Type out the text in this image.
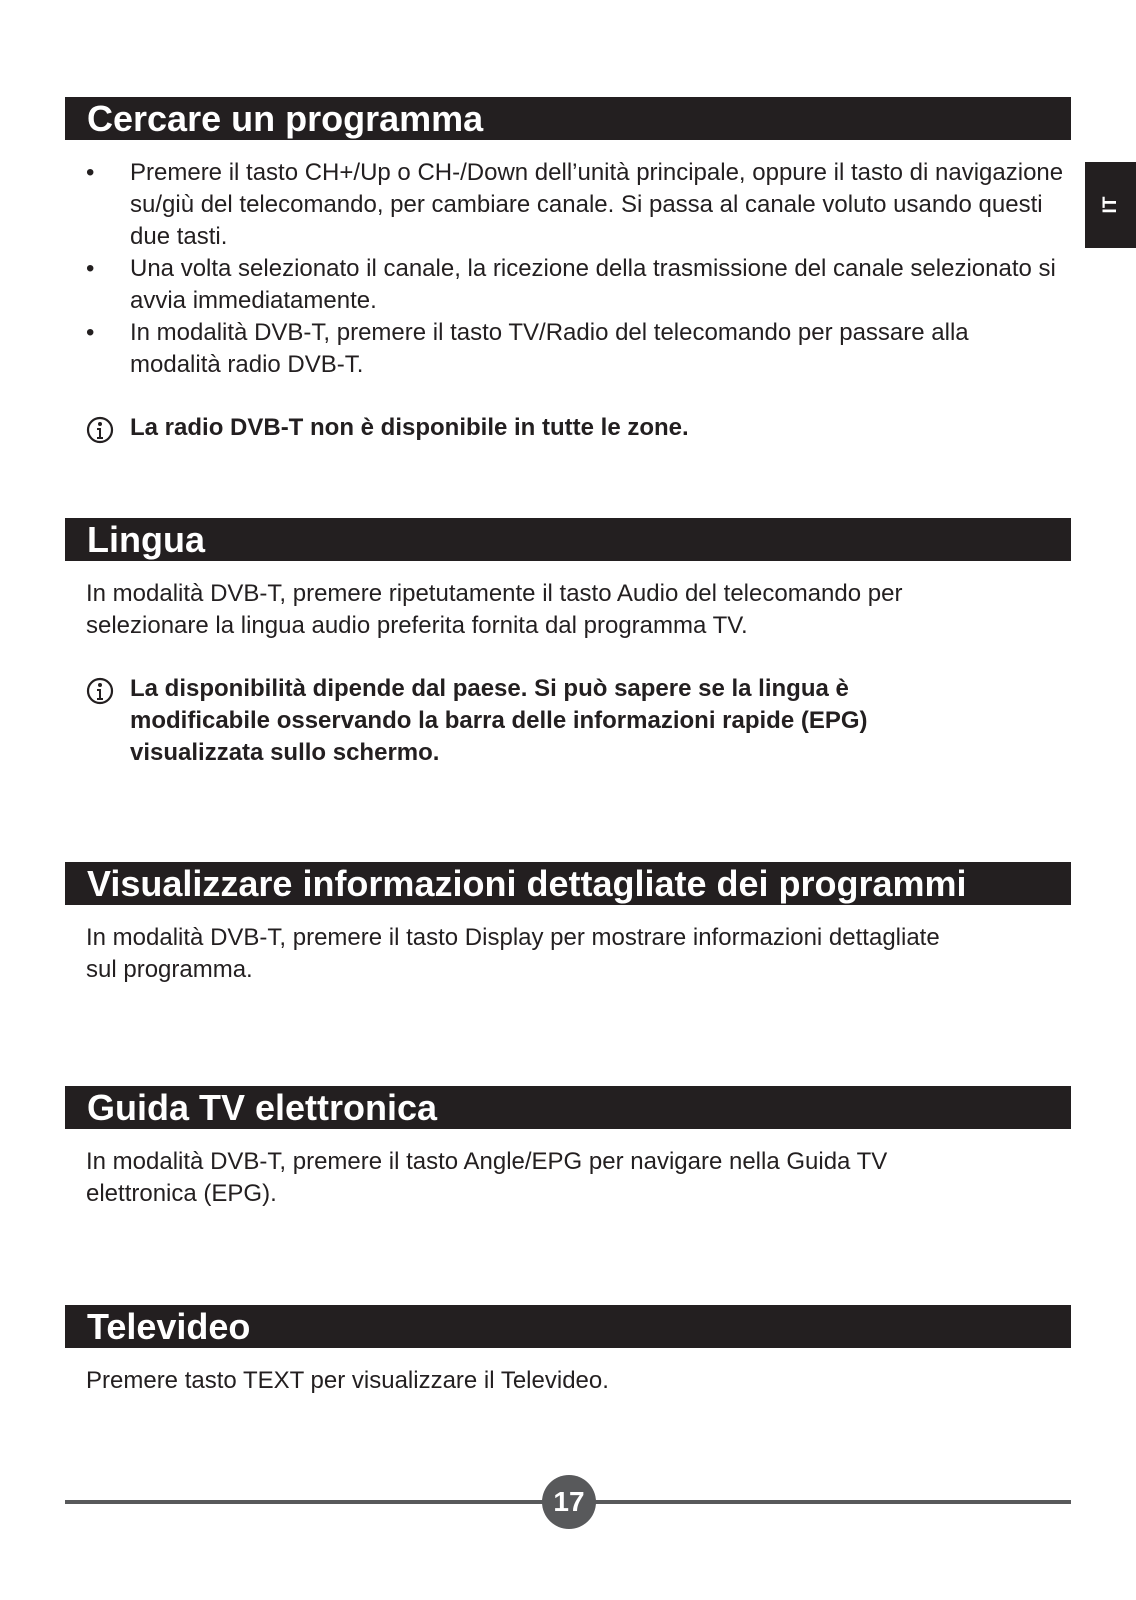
IT
Cercare un programma
•	Premere il tasto CH+/Up o CH-/Down dell’unità principale, oppure il tasto di navigazione su/giù del telecomando, per cambiare canale. Si passa al canale voluto usando questi due tasti.
•	Una volta selezionato il canale, la ricezione della trasmissione del canale selezionato si avvia immediatamente.
•	In modalità DVB-T, premere il tasto TV/Radio del telecomando per passare alla modalità radio DVB-T.
La radio DVB-T non è disponibile in tutte le zone.
Lingua
In modalità DVB-T, premere ripetutamente il tasto Audio del telecomando per
selezionare la lingua audio preferita fornita dal programma TV.
La disponibilità dipende dal paese. Si può sapere se la lingua è
modificabile osservando la barra delle informazioni rapide (EPG)
visualizzata sullo schermo.
Visualizzare informazioni dettagliate dei programmi
In modalità DVB-T, premere il tasto Display per mostrare informazioni dettagliate
sul programma.
Guida TV elettronica
In modalità DVB-T, premere il tasto Angle/EPG per navigare nella Guida TV
elettronica (EPG).
Televideo
Premere tasto TEXT per visualizzare il Televideo.
17
